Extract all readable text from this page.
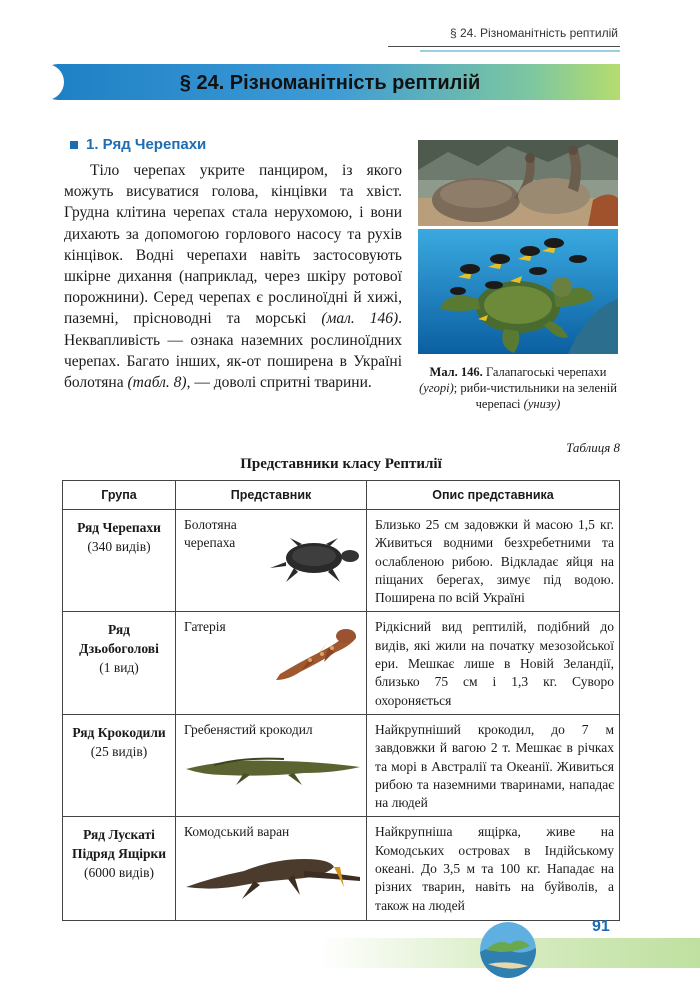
§ 24. Різноманітність рептилій
§ 24. Різноманітність рептилій
1. Ряд Черепахи
Тіло черепах укрите панциром, із якого можуть висуватися голова, кінцівки та хвіст. Грудна клітина черепах стала нерухомою, і вони дихають за допомогою горлового насосу та рухів кінцівок. Водні черепахи навіть застосовують шкірне дихання (наприклад, через шкіру ротової порожнини). Серед черепах є рослиноїдні й хижі, паземні, прісноводні та морські (мал. 146). Неквапливість — ознака наземних рослиноїдних черепах. Багато інших, як-от поширена в Україні болотяна (табл. 8), — доволі спритні тварини.
Мал. 146. Галапагоські черепахи (угорі); риби-чистильники на зеленій черепасі (унизу)
Таблиця 8
Представники класу Рептилії
Група	Представник	Опис представника

Ряд Черепахи
(340 видів)	Болотяна черепаха	Близько 25 см задовжки й масою 1,5 кг. Живиться водними безхребетними та ослабленою рибою. Відкладає яйця на піщаних берегах, зимує під водою. Поширена по всій Україні

Ряд Дзьобоголові
(1 вид)	Гатерія	Рідкісний вид рептилій, подібний до видів, які жили на початку мезозойської ери. Мешкає лише в Новій Зеландії, близько 75 см і 1,3 кг. Суворо охороняється

Ряд Крокодили
(25 видів)	Гребенястий крокодил	Найкрупніший крокодил, до 7 м завдовжки й вагою 2 т. Мешкає в річках та морі в Австралії та Океанії. Живиться рибою та наземними тваринами, нападає на людей

Ряд Лускаті Підряд Ящірки
(6000 видів)	Комодський варан	Найкрупніша ящірка, живе на Комодських островах в Індійському океані. До 3,5 м та 100 кг. Нападає на різних тварин, навіть на буйволів, а також на людей
91
